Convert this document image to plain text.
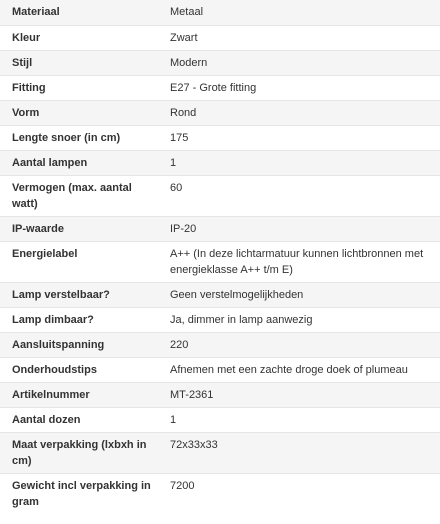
Materiaal	Metaal
Kleur	Zwart
Stijl	Modern
Fitting	E27 - Grote fitting
Vorm	Rond
Lengte snoer (in cm)	175
Aantal lampen	1
Vermogen (max. aantal watt)	60
IP-waarde	IP-20
Energielabel	A++ (In deze lichtarmatuur kunnen lichtbronnen met energieklasse A++ t/m E)
Lamp verstelbaar?	Geen verstelmogelijkheden
Lamp dimbaar?	Ja, dimmer in lamp aanwezig
Aansluitspanning	220
Onderhoudstips	Afnemen met een zachte droge doek of plumeau
Artikelnummer	MT-2361
Aantal dozen	1
Maat verpakking (lxbxh in cm)	72x33x33
Gewicht incl verpakking in gram	7200
